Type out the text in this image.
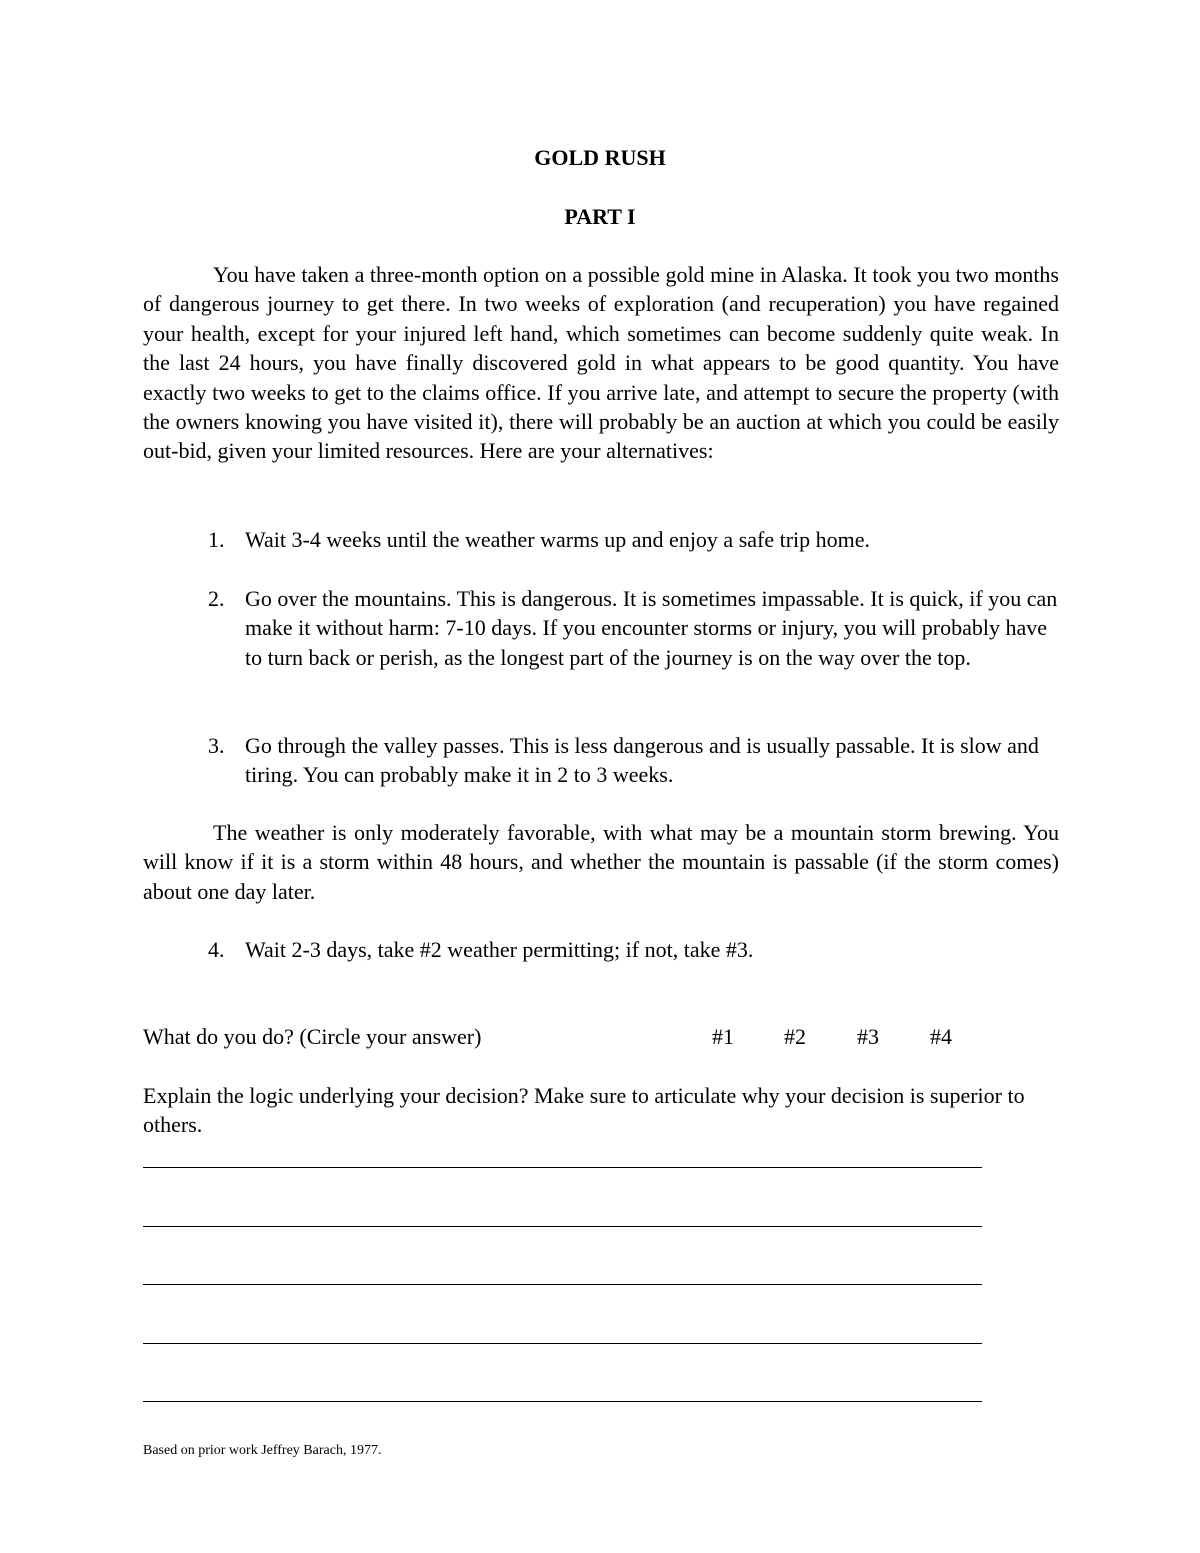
GOLD RUSH
PART I

You have taken a three-month option on a possible gold mine in Alaska. It took you two months of dangerous journey to get there. In two weeks of exploration (and recuperation) you have regained your health, except for your injured left hand, which sometimes can become suddenly quite weak. In the last 24 hours, you have finally discovered gold in what appears to be good quantity. You have exactly two weeks to get to the claims office. If you arrive late, and attempt to secure the property (with the owners knowing you have visited it), there will probably be an auction at which you could be easily out-bid, given your limited resources. Here are your alternatives:

1. Wait 3-4 weeks until the weather warms up and enjoy a safe trip home.
2. Go over the mountains. This is dangerous. It is sometimes impassable. It is quick, if you can make it without harm: 7-10 days. If you encounter storms or injury, you will probably have to turn back or perish, as the longest part of the journey is on the way over the top.
3. Go through the valley passes. This is less dangerous and is usually passable. It is slow and tiring. You can probably make it in 2 to 3 weeks.

The weather is only moderately favorable, with what may be a mountain storm brewing. You will know if it is a storm within 48 hours, and whether the mountain is passable (if the storm comes) about one day later.

4. Wait 2-3 days, take #2 weather permitting; if not, take #3.
What do you do? (Circle your answer)	#1 #2 #3 #4
Explain the logic underlying your decision? Make sure to articulate why your decision is superior to others.
Based on prior work Jeffrey Barach, 1977.
